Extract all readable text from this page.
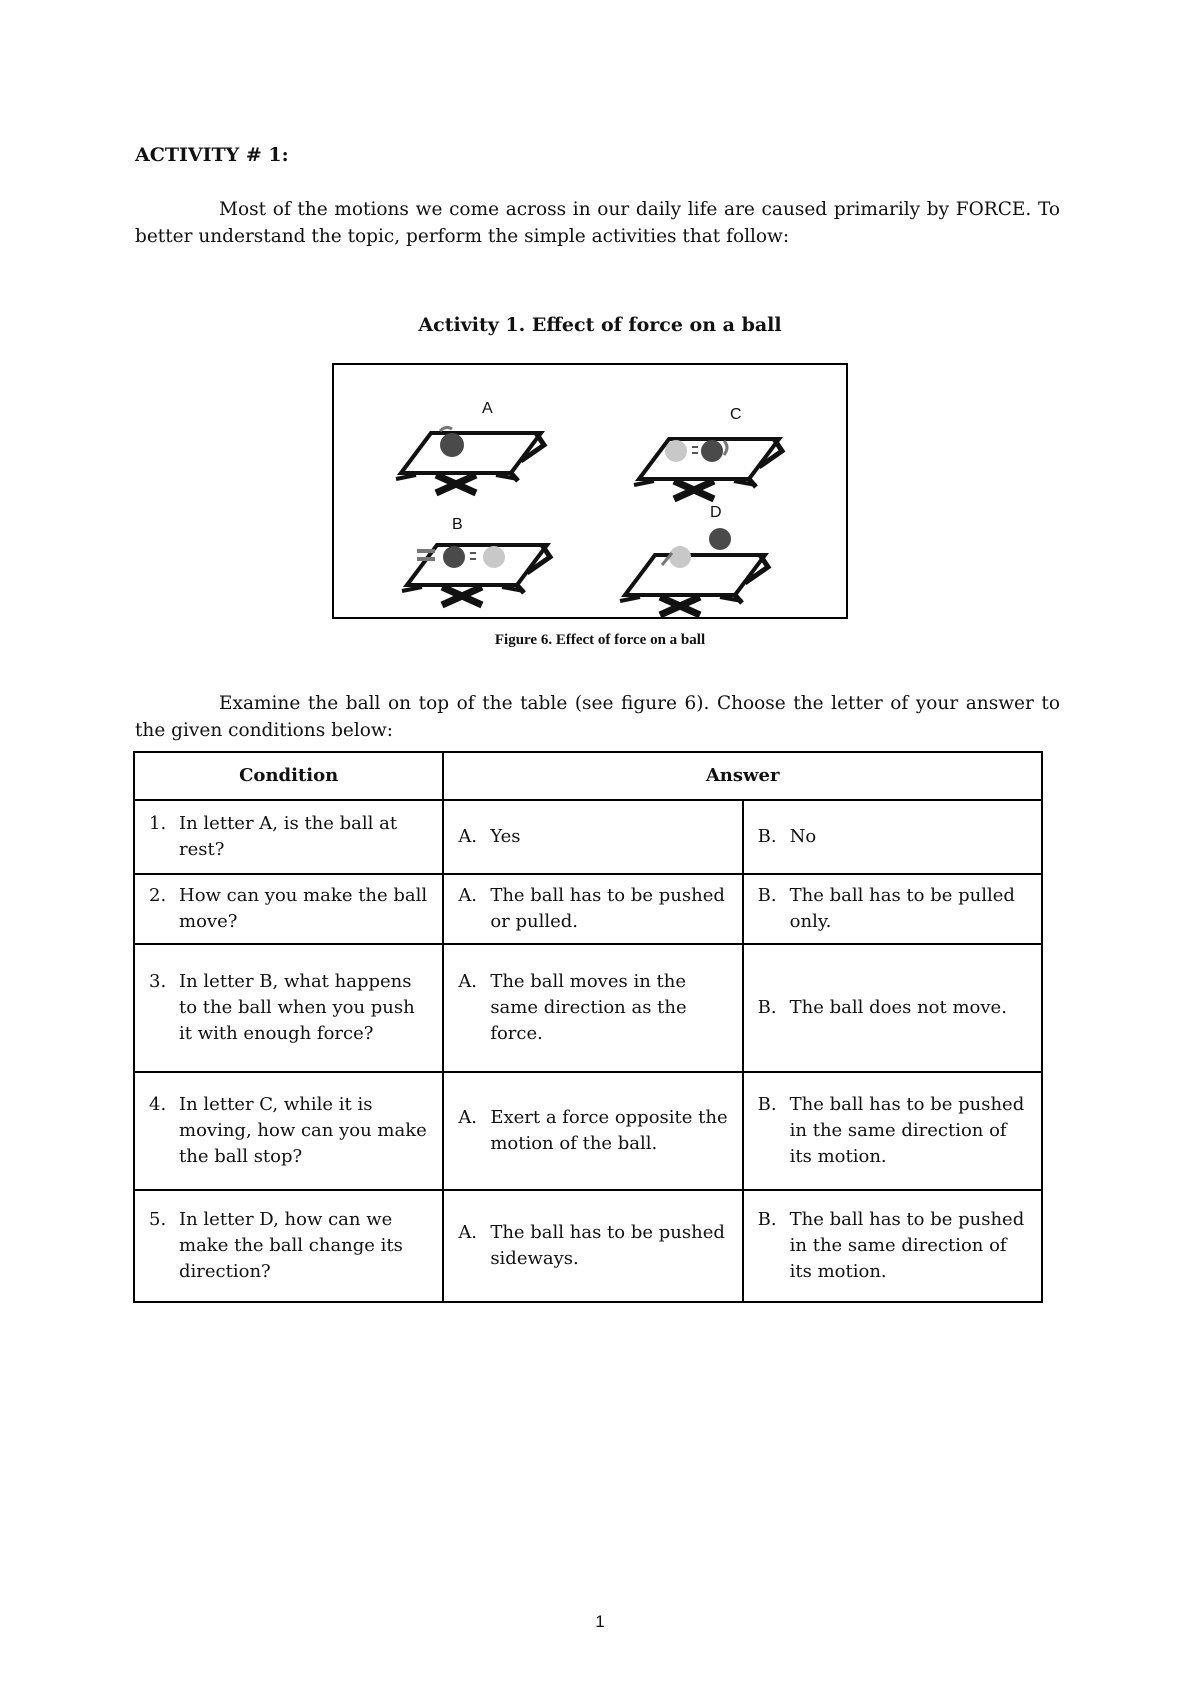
ACTIVITY # 1:
Most of the motions we come across in our daily life are caused primarily by FORCE. To better understand the topic, perform the simple activities that follow:
Activity 1. Effect of force on a ball
A	C
B
D
Figure 6. Effect of force on a ball
Examine the ball on top of the table (see figure 6). Choose the letter of your answer to the given conditions below:
Condition	Answer	

1. In letter A, is the ball at rest?	A. Yes	B. No

2. How can you make the ball move?	A. The ball has to be pushed or pulled.	B. The ball has to be pulled only.

3. In letter B, what happens to the ball when you push it with enough force?	A. The ball moves in the same direction as the force.	B. The ball does not move.

4. In letter C, while it is moving, how can you make the ball stop?	A. Exert a force opposite the motion of the ball.	B. The ball has to be pushed in the same direction of its motion.

5. In letter D, how can we make the ball change its direction?	A. The ball has to be pushed sideways.	B. The ball has to be pushed in the same direction of its motion.
1
